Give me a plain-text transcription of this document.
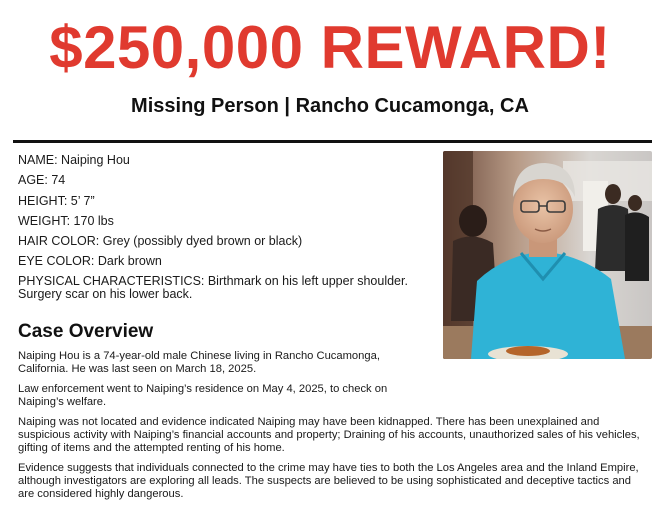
$250,000 REWARD!
Missing Person | Rancho Cucamonga, CA
NAME: Naiping Hou
AGE: 74
HEIGHT: 5’ 7”
WEIGHT: 170 lbs
HAIR COLOR: Grey (possibly dyed brown or black)
EYE COLOR: Dark brown
PHYSICAL CHARACTERISTICS: Birthmark on his left upper shoulder. Surgery scar on his lower back.
Case Overview
Naiping Hou is a 74-year-old male Chinese living in Rancho Cucamonga, California. He was last seen on March 18, 2025.
Law enforcement went to Naiping’s residence on May 4, 2025, to check on Naiping’s welfare.
Naiping was not located and evidence indicated Naiping may have been kidnapped. There has been unexplained and suspicious activity with Naiping’s financial accounts and property; Draining of his accounts, unauthorized sales of his vehicles, gifting of items and the attempted renting of his home.
Evidence suggests that individuals connected to the crime may have ties to both the Los Angeles area and the Inland Empire, although investigators are exploring all leads. The suspects are believed to be using sophisticated and deceptive tactics and are considered highly dangerous.
